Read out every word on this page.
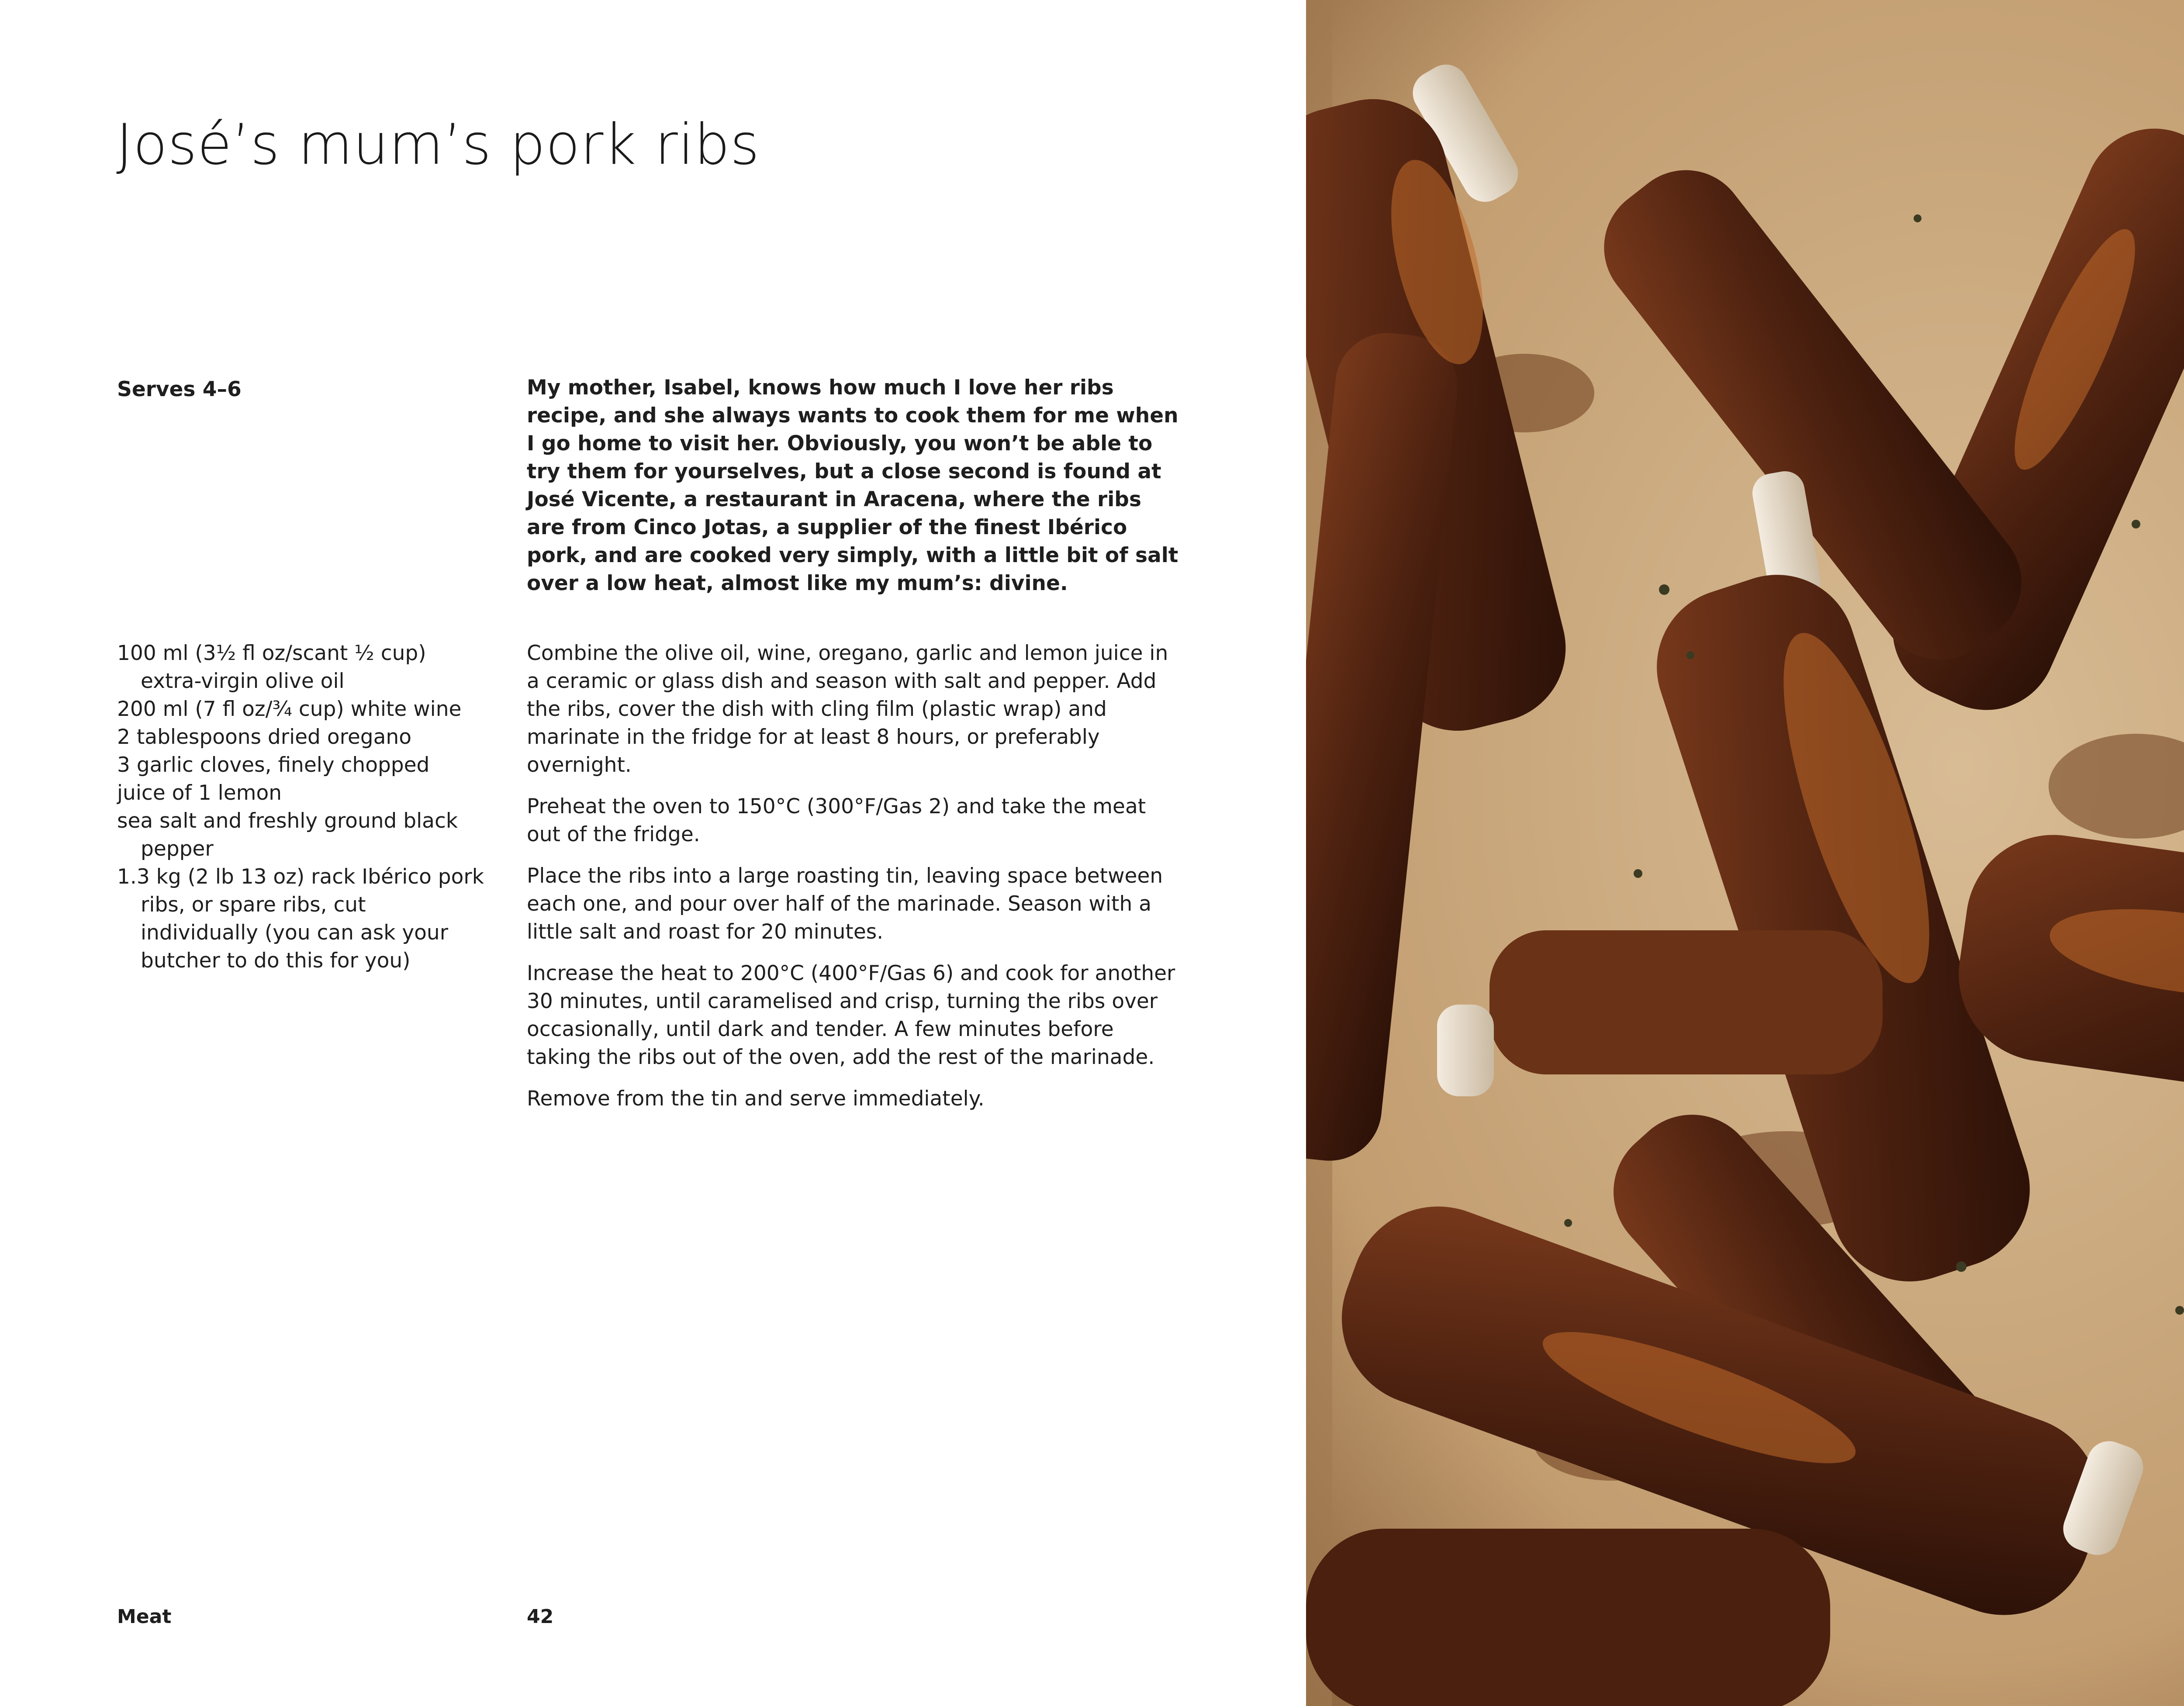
José’s mum’s pork ribs

Serves 4–6	My mother, Isabel, knows how much I love her ribs recipe, and she always wants to cook them for me when I go home to visit her. Obviously, you won’t be able to try them for yourselves, but a close second is found at José Vicente, a restaurant in Aracena, where the ribs are from Cinco Jotas, a supplier of the finest Ibérico pork, and are cooked very simply, with a little bit of salt over a low heat, almost like my mum’s: divine.

100 ml (3½ fl oz/scant ½ cup) extra-virgin olive oil
200 ml (7 fl oz/¾ cup) white wine
2 tablespoons dried oregano
3 garlic cloves, finely chopped
juice of 1 lemon
sea salt and freshly ground black pepper
1.3 kg (2 lb 13 oz) rack Ibérico pork ribs, or spare ribs, cut individually (you can ask your butcher to do this for you)

Combine the olive oil, wine, oregano, garlic and lemon juice in a ceramic or glass dish and season with salt and pepper. Add the ribs, cover the dish with cling film (plastic wrap) and marinate in the fridge for at least 8 hours, or preferably overnight.

Preheat the oven to 150°C (300°F/Gas 2) and take the meat out of the fridge.

Place the ribs into a large roasting tin, leaving space between each one, and pour over half of the marinade. Season with a little salt and roast for 20 minutes.

Increase the heat to 200°C (400°F/Gas 6) and cook for another 30 minutes, until caramelised and crisp, turning the ribs over occasionally, until dark and tender. A few minutes before taking the ribs out of the oven, add the rest of the marinade.

Remove from the tin and serve immediately.

Meat	42
